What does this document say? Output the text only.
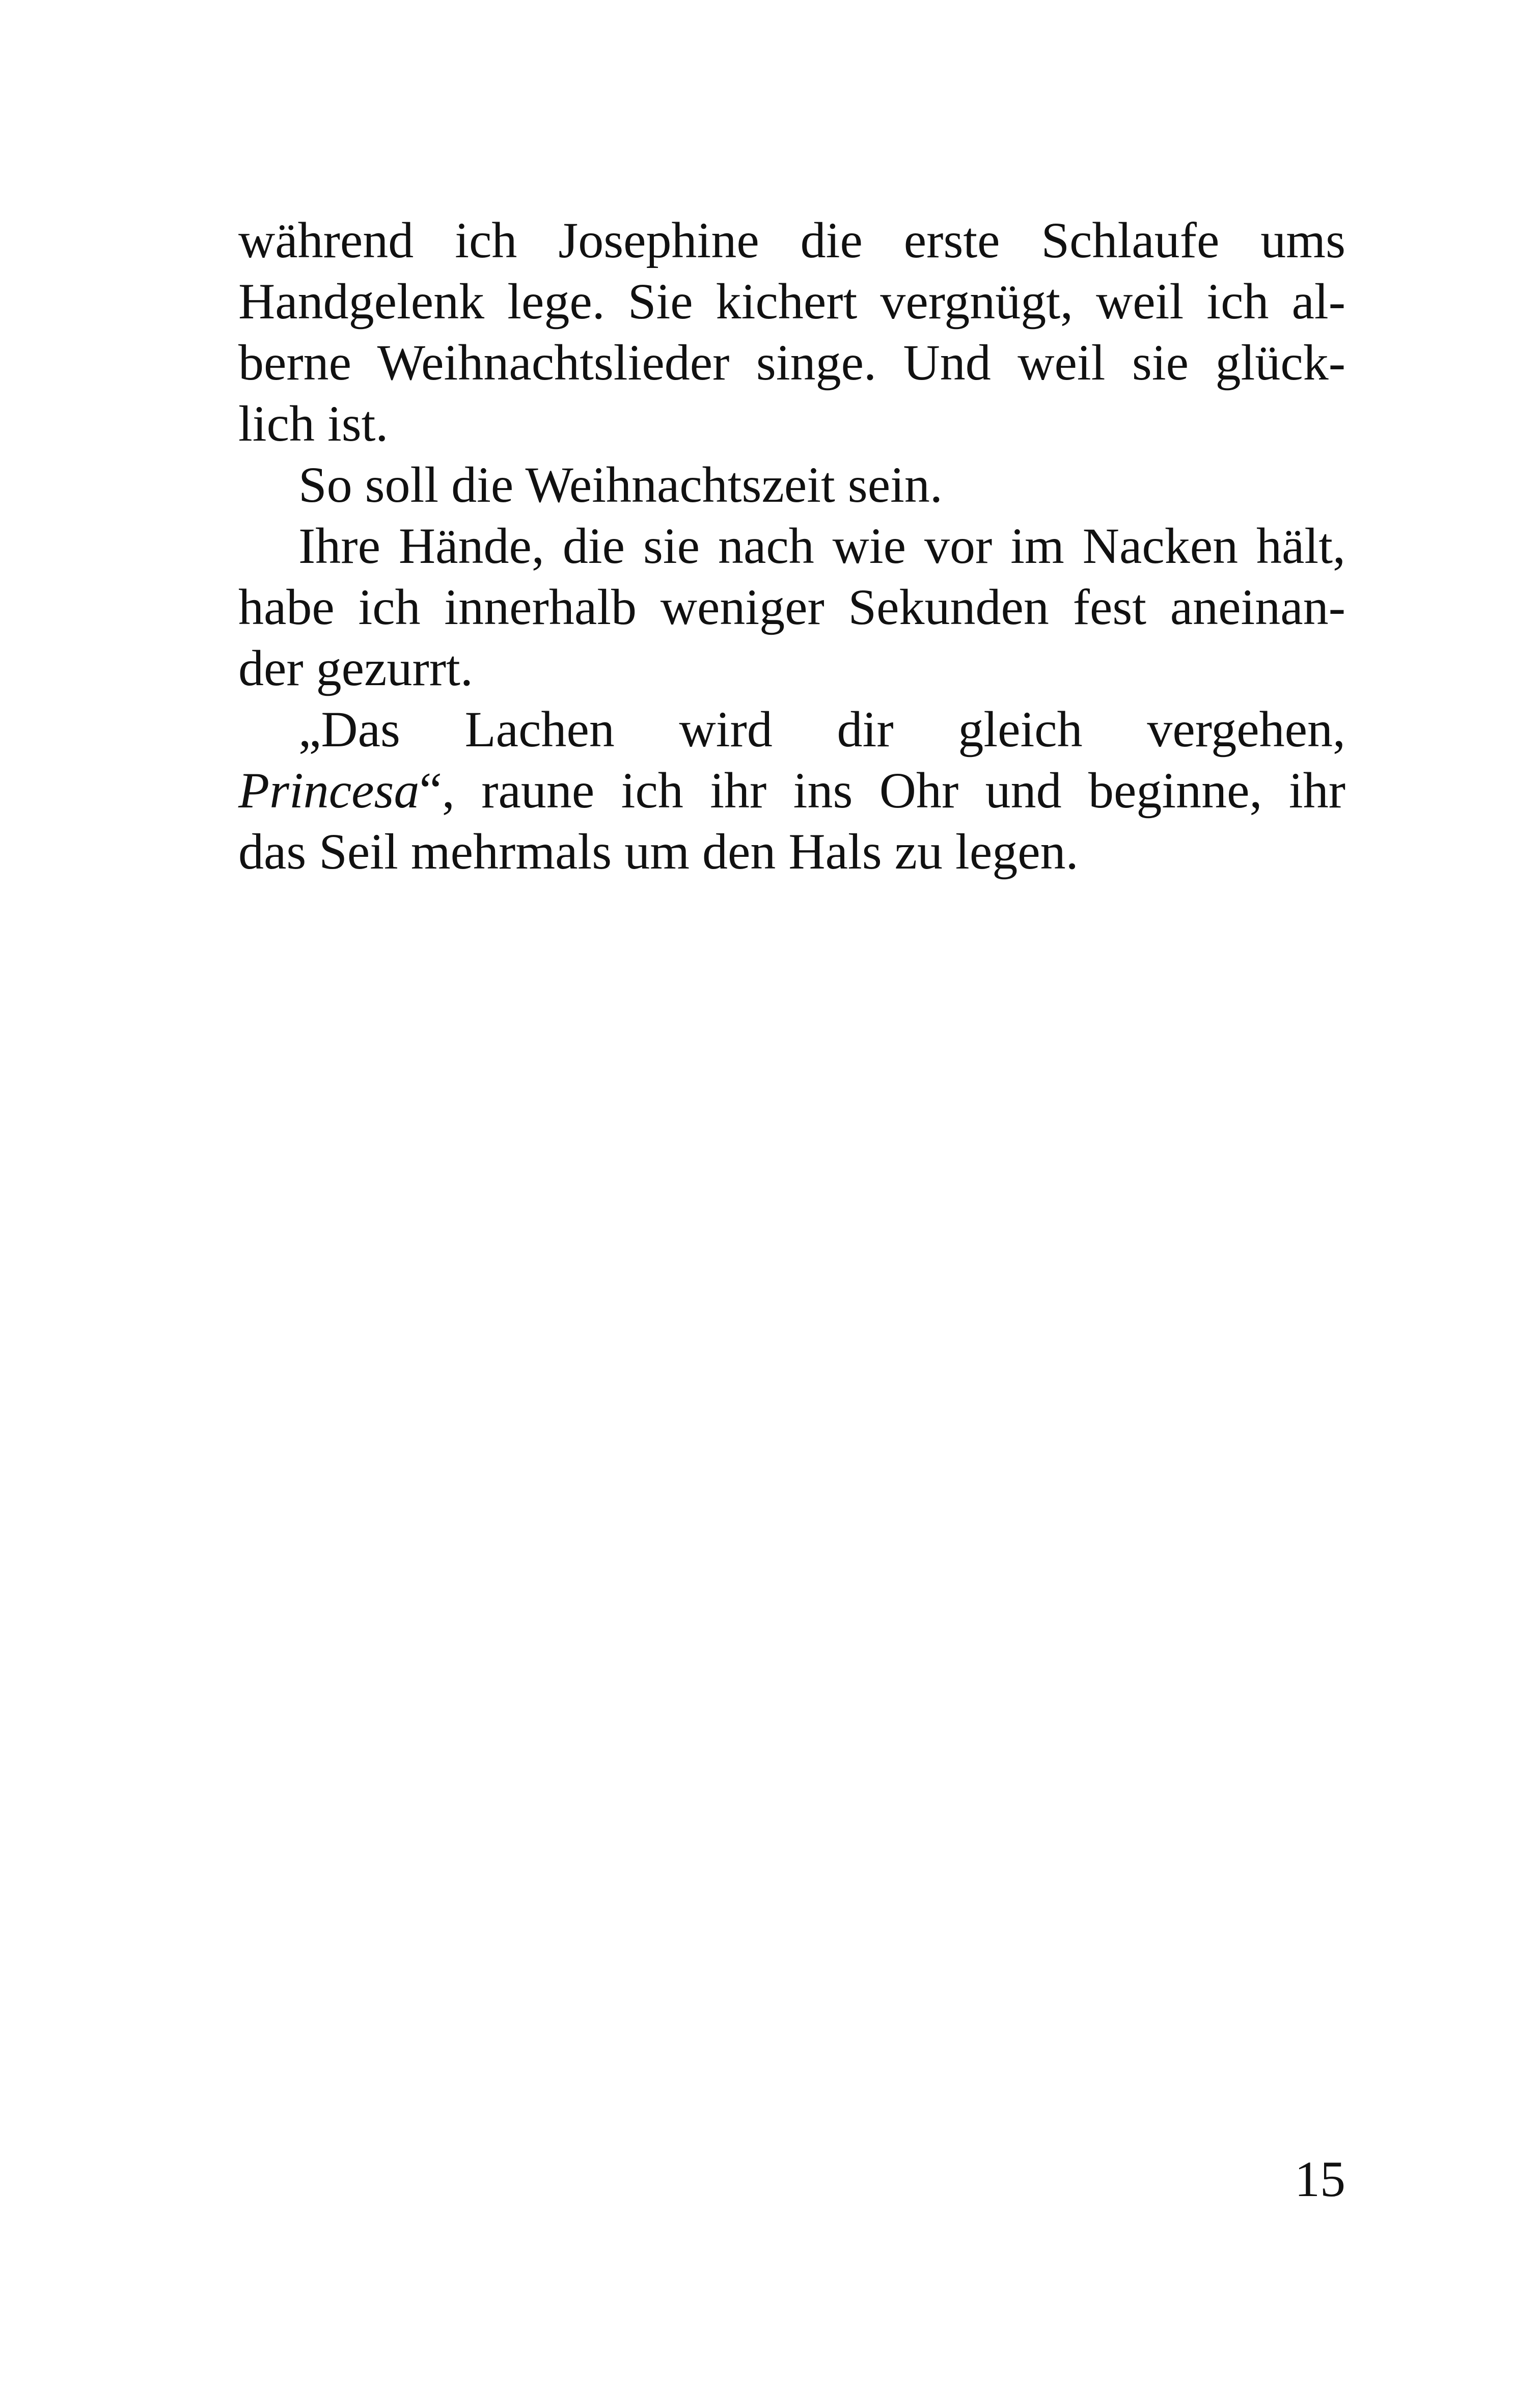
während ich Josephine die erste Schlaufe ums
Handgelenk lege. Sie kichert vergnügt, weil ich al-
berne Weihnachtslieder singe. Und weil sie glück-
lich ist.
So soll die Weihnachtszeit sein.
Ihre Hände, die sie nach wie vor im Nacken hält,
habe ich innerhalb weniger Sekunden fest aneinan-
der gezurrt.
„Das Lachen wird dir gleich vergehen,
Princesa“, raune ich ihr ins Ohr und beginne, ihr
das Seil mehrmals um den Hals zu legen.
15
